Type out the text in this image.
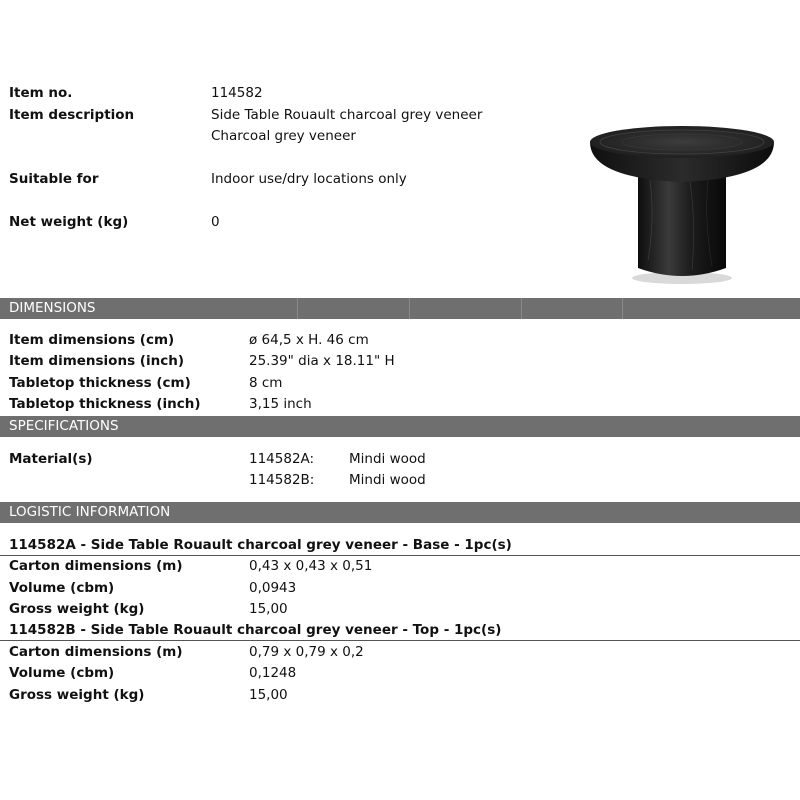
Item no.	114582
Item description	Side Table Rouault charcoal grey veneer
Charcoal grey veneer
Suitable for	Indoor use/dry locations only
Net weight (kg)	0
DIMENSIONS
Item dimensions (cm)	ø 64,5 x H. 46 cm
Item dimensions (inch)	25.39" dia x 18.11" H
Tabletop thickness (cm)	8 cm
Tabletop thickness (inch)	3,15 inch
SPECIFICATIONS
Material(s)	114582A:	Mindi wood
114582B:	Mindi wood
LOGISTIC INFORMATION
114582A - Side Table Rouault charcoal grey veneer - Base - 1pc(s)
Carton dimensions (m)	0,43 x 0,43 x 0,51
Volume (cbm)	0,0943
Gross weight (kg)	15,00
114582B - Side Table Rouault charcoal grey veneer - Top - 1pc(s)
Carton dimensions (m)	0,79 x 0,79 x 0,2
Volume (cbm)	0,1248
Gross weight (kg)	15,00
